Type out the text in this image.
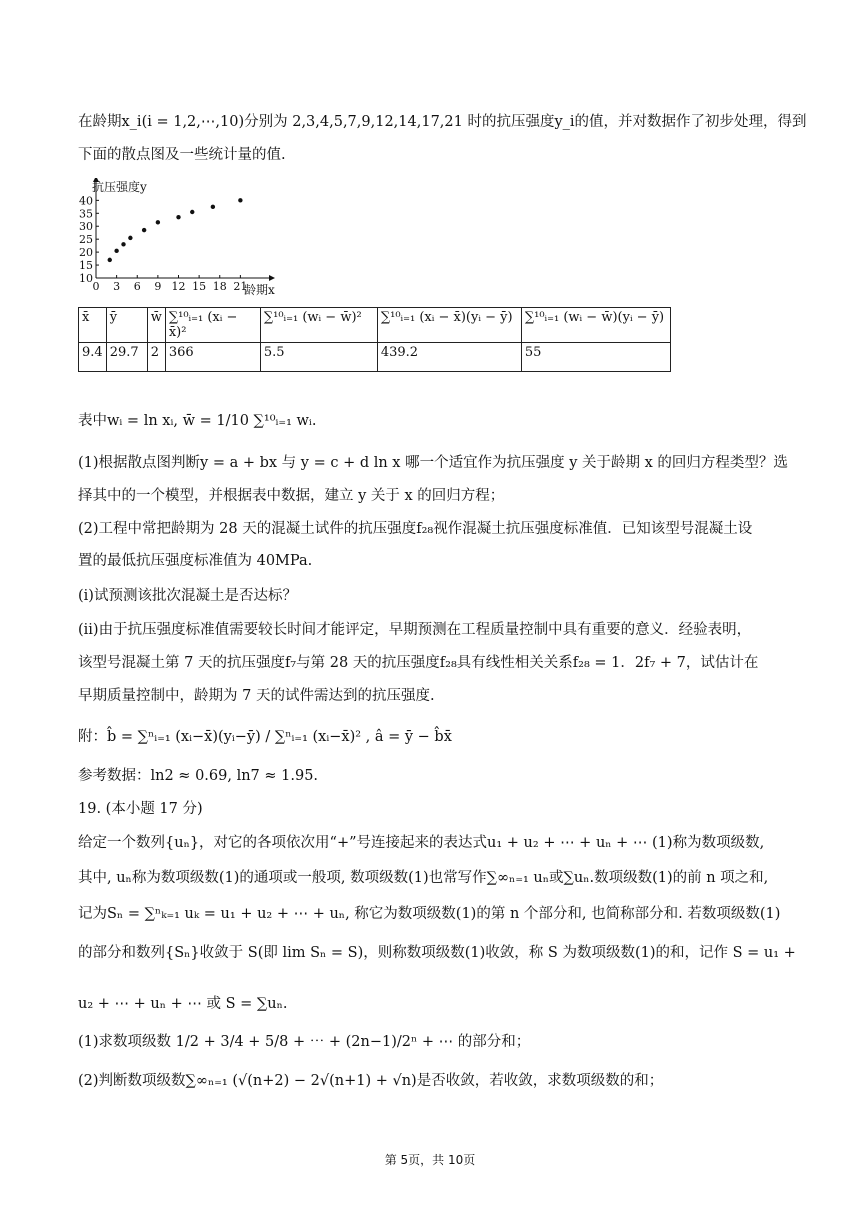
在龄期x_i(i = 1,2,⋯,10)分别为 2,3,4,5,7,9,12,14,17,21 时的抗压强度y_i的值，并对数据作了初步处理，得到
下面的散点图及一些统计量的值.
0 3 6 9 12 15 18 21
10
15
20
25
30
35
40
抗压强度y
龄期x
x̄	ȳ	w̄	∑¹⁰ᵢ₌₁ (xᵢ − x̄)²	∑¹⁰ᵢ₌₁ (wᵢ − w̄)²	∑¹⁰ᵢ₌₁ (xᵢ − x̄)(yᵢ − ȳ)	∑¹⁰ᵢ₌₁ (wᵢ − w̄)(yᵢ − ȳ)
9.4	29.7	2	366	5.5	439.2	55
表中wᵢ = ln xᵢ, w̄ = 1/10 ∑¹⁰ᵢ₌₁ wᵢ.
(1)根据散点图判断y = a + bx 与 y = c + d ln x 哪一个适宜作为抗压强度 y 关于龄期 x 的回归方程类型？选
择其中的一个模型，并根据表中数据，建立 y 关于 x 的回归方程；
(2)工程中常把龄期为 28 天的混凝土试件的抗压强度f₂₈视作混凝土抗压强度标准值．已知该型号混凝土设
置的最低抗压强度标准值为 40MPa.
(i)试预测该批次混凝土是否达标？
(ii)由于抗压强度标准值需要较长时间才能评定，早期预测在工程质量控制中具有重要的意义．经验表明，
该型号混凝土第 7 天的抗压强度f₇与第 28 天的抗压强度f₂₈具有线性相关关系f₂₈ = 1．2f₇ + 7，试估计在
早期质量控制中，龄期为 7 天的试件需达到的抗压强度.
附：b̂ = ∑ⁿᵢ₌₁ (xᵢ−x̄)(yᵢ−ȳ) / ∑ⁿᵢ₌₁ (xᵢ−x̄)² , â = ȳ − b̂x̄
参考数据：ln2 ≈ 0.69, ln7 ≈ 1.95.
19. (本小题 17 分)
给定一个数列{uₙ}，对它的各项依次用“+”号连接起来的表达式u₁ + u₂ + ⋯ + uₙ + ⋯ (1)称为数项级数,
其中, uₙ称为数项级数(1)的通项或一般项, 数项级数(1)也常写作∑∞ₙ₌₁ uₙ或∑uₙ.数项级数(1)的前 n 项之和,
记为Sₙ = ∑ⁿₖ₌₁ uₖ = u₁ + u₂ + ⋯ + uₙ, 称它为数项级数(1)的第 n 个部分和, 也简称部分和. 若数项级数(1)
的部分和数列{Sₙ}收敛于 S(即 lim Sₙ = S)，则称数项级数(1)收敛，称 S 为数项级数(1)的和，记作 S = u₁ +
u₂ + ⋯ + uₙ + ⋯ 或 S = ∑uₙ.
(1)求数项级数 1/2 + 3/4 + 5/8 + ⋯ + (2n−1)/2ⁿ + ⋯ 的部分和；
(2)判断数项级数∑∞ₙ₌₁ (√(n+2) − 2√(n+1) + √n)是否收敛，若收敛，求数项级数的和；
第 5页，共 10页
